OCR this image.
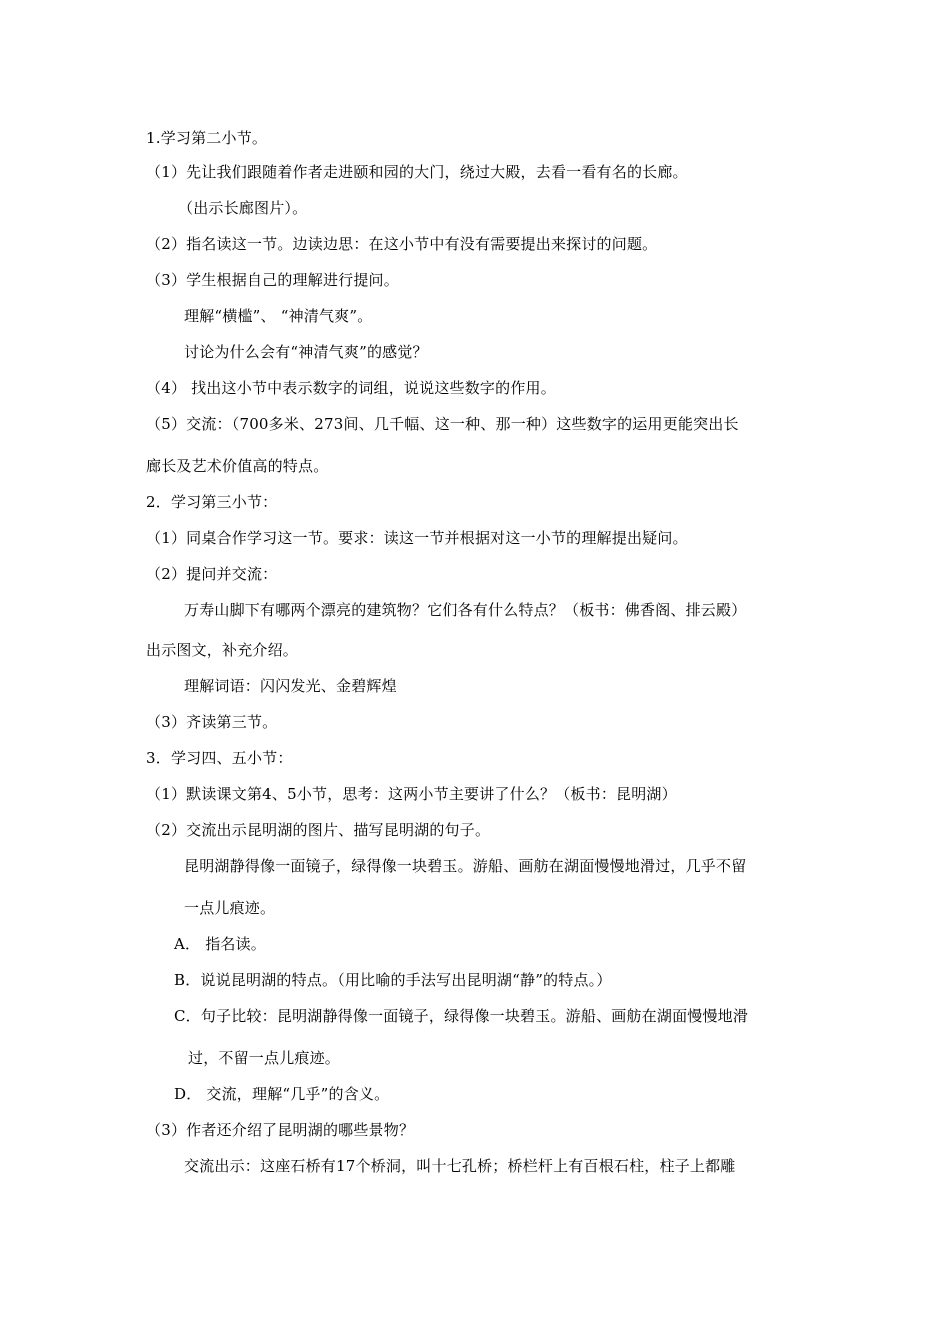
1.学习第二小节。
（1）先让我们跟随着作者走进颐和园的大门，绕过大殿，去看一看有名的长廊。
（出示长廊图片）。
（2）指名读这一节。边读边思：在这小节中有没有需要提出来探讨的问题。
（3）学生根据自己的理解进行提问。
理解“横槛”、 “神清气爽”。
讨论为什么会有“神清气爽”的感觉？
（4） 找出这小节中表示数字的词组，说说这些数字的作用。
（5）交流：（700多米、273间、几千幅、这一种、那一种）这些数字的运用更能突出长
廊长及艺术价值高的特点。
2．学习第三小节：
（1）同桌合作学习这一节。要求：读这一节并根据对这一小节的理解提出疑问。
（2）提问并交流：
万寿山脚下有哪两个漂亮的建筑物？它们各有什么特点？（板书：佛香阁、排云殿）
出示图文，补充介绍。
理解词语：闪闪发光、金碧辉煌
（3）齐读第三节。
3．学习四、五小节：
（1）默读课文第4、5小节，思考：这两小节主要讲了什么？（板书：昆明湖）
（2）交流出示昆明湖的图片、描写昆明湖的句子。
昆明湖静得像一面镜子，绿得像一块碧玉。游船、画舫在湖面慢慢地滑过，几乎不留
一点儿痕迹。
A． 指名读。
B．说说昆明湖的特点。（用比喻的手法写出昆明湖“静”的特点。）
C．句子比较：昆明湖静得像一面镜子，绿得像一块碧玉。游船、画舫在湖面慢慢地滑
过，不留一点儿痕迹。
D． 交流，理解“几乎”的含义。
（3）作者还介绍了昆明湖的哪些景物？
交流出示：这座石桥有17个桥洞，叫十七孔桥；桥栏杆上有百根石柱，柱子上都雕
